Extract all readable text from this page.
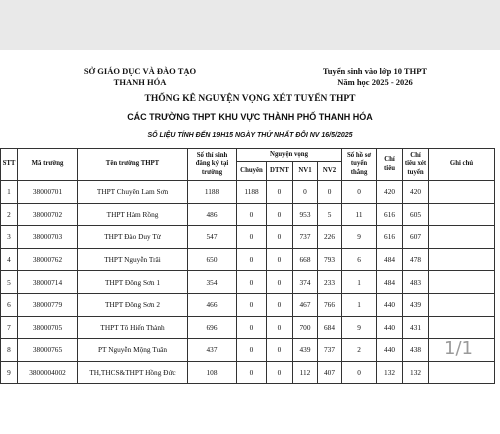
SỞ GIÁO DỤC VÀ ĐÀO TẠO
THANH HÓA
Tuyển sinh vào lớp 10 THPT
Năm học 2025 - 2026
THỐNG KÊ NGUYỆN VỌNG XÉT TUYỂN THPT
CÁC TRƯỜNG THPT KHU VỰC THÀNH PHỐ THANH HÓA
SỐ LIỆU TÍNH ĐẾN 19H15 NGÀY THỨ NHẤT ĐỔI NV 16/5/2025
STT	Mã trường	Tên trường THPT	Số thí sinh đăng ký tại trường	Nguyện vọng				Số hồ sơ tuyển thẳng	Chỉ tiêu	Chỉ tiêu xét tuyển	Ghi chú
				Chuyên	DTNT	NV1	NV2				
1	38000701	THPT Chuyên Lam Sơn	1188	1188	0	0	0	0	420	420	
2	38000702	THPT Hàm Rồng	486	0	0	953	5	11	616	605	
3	38000703	THPT Đào Duy Từ	547	0	0	737	226	9	616	607	
4	38000762	THPT Nguyễn Trãi	650	0	0	668	793	6	484	478	
5	38000714	THPT Đông Sơn 1	354	0	0	374	233	1	484	483	
6	38000779	THPT Đông Sơn 2	466	0	0	467	766	1	440	439	
7	38000705	THPT Tô Hiến Thành	696	0	0	700	684	9	440	431	
8	38000765	PT Nguyễn Mộng Tuân	437	0	0	439	737	2	440	438	
9	3800004002	TH,THCS&THPT Hồng Đức	108	0	0	112	407	0	132	132	
1/1
